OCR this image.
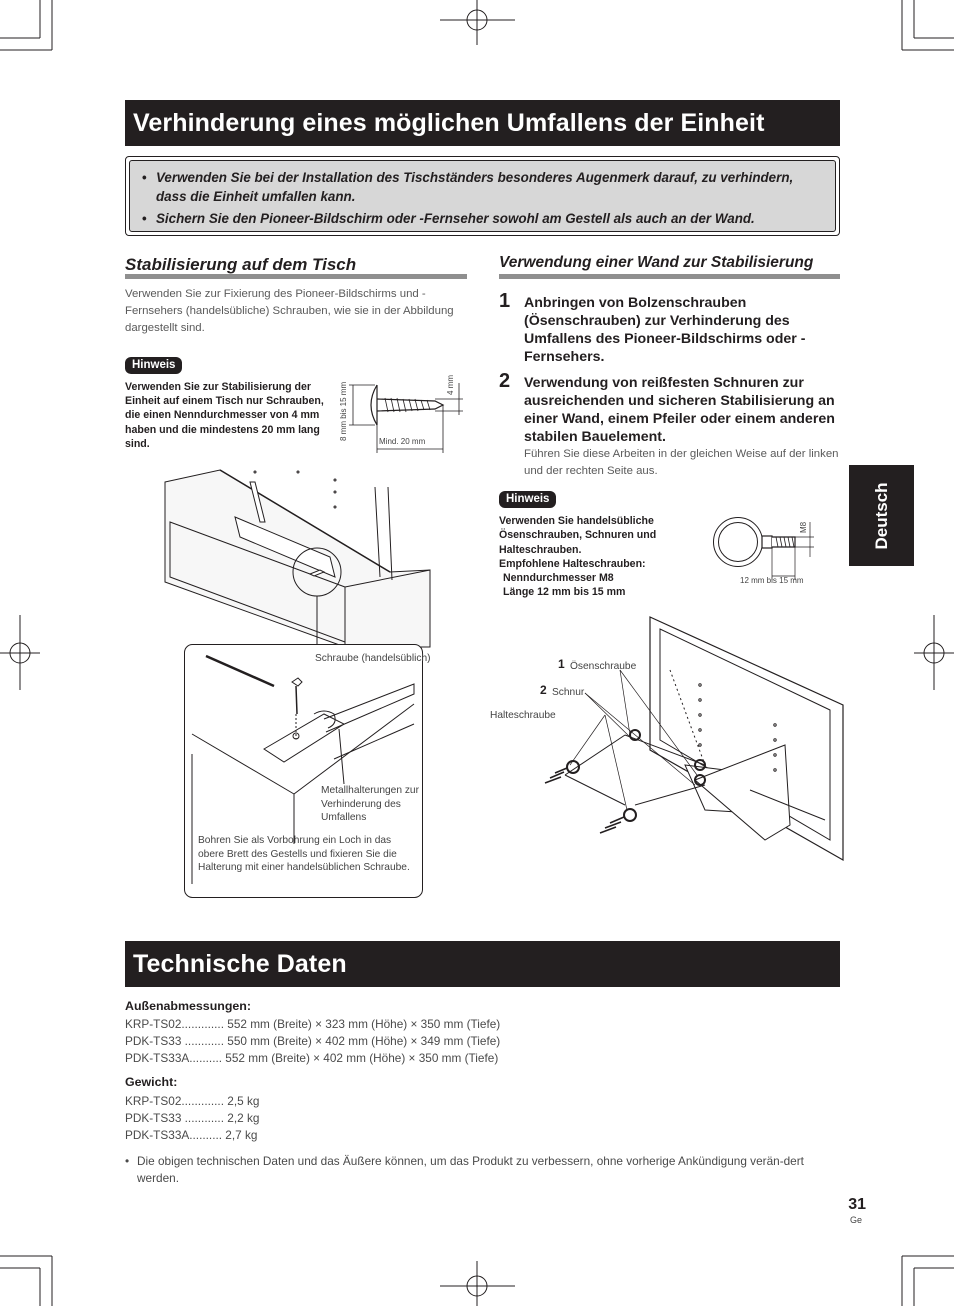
Verhinderung eines möglichen Umfallens der Einheit
• Verwenden Sie bei der Installation des Tischständers besonderes Augenmerk darauf, zu verhindern, dass die Einheit umfallen kann.
• Sichern Sie den Pioneer-Bildschirm oder -Fernseher sowohl am Gestell als auch an der Wand.
Stabilisierung auf dem Tisch
Verwenden Sie zur Fixierung des Pioneer-Bildschirms und -Fernsehers (handelsübliche) Schrauben, wie sie in der Abbildung dargestellt sind.
Hinweis
Verwenden Sie zur Stabilisierung der Einheit auf einem Tisch nur Schrauben, die einen Nenndurchmesser von 4 mm haben und die mindestens 20 mm lang sind.
8 mm bis 15 mm	4 mm
Mind. 20 mm
Schraube (handelsüblich)
Metallhalterungen zur Verhinderung des Umfallens
Bohren Sie als Vorbohrung ein Loch in das obere Brett des Gestells und fixieren Sie die Halterung mit einer handelsüblichen Schraube.
Verwendung einer Wand zur Stabilisierung
1 Anbringen von Bolzenschrauben (Ösenschrauben) zur Verhinderung des Umfallens des Pioneer-Bildschirms oder -Fernsehers.
2 Verwendung von reißfesten Schnuren zur ausreichenden und sicheren Stabilisierung an einer Wand, einem Pfeiler oder einem anderen stabilen Bauelement.
Führen Sie diese Arbeiten in der gleichen Weise auf der linken und der rechten Seite aus.
Hinweis
Verwenden Sie handelsübliche Ösenschrauben, Schnuren und Halteschrauben.
Empfohlene Halteschrauben:
Nenndurchmesser M8
Länge 12 mm bis 15 mm
M8
12 mm bis 15 mm
1 Ösenschraube
2 Schnur
Halteschraube
Deutsch
Technische Daten
Außenabmessungen:
KRP-TS02............. 552 mm (Breite) × 323 mm (Höhe) × 350 mm (Tiefe)
PDK-TS33 ............ 550 mm (Breite) × 402 mm (Höhe) × 349 mm (Tiefe)
PDK-TS33A.......... 552 mm (Breite) × 402 mm (Höhe) × 350 mm (Tiefe)
Gewicht:
KRP-TS02............. 2,5 kg
PDK-TS33 ............ 2,2 kg
PDK-TS33A.......... 2,7 kg
• Die obigen technischen Daten und das Äußere können, um das Produkt zu verbessern, ohne vorherige Ankündigung verän-dert werden.
31
Ge
